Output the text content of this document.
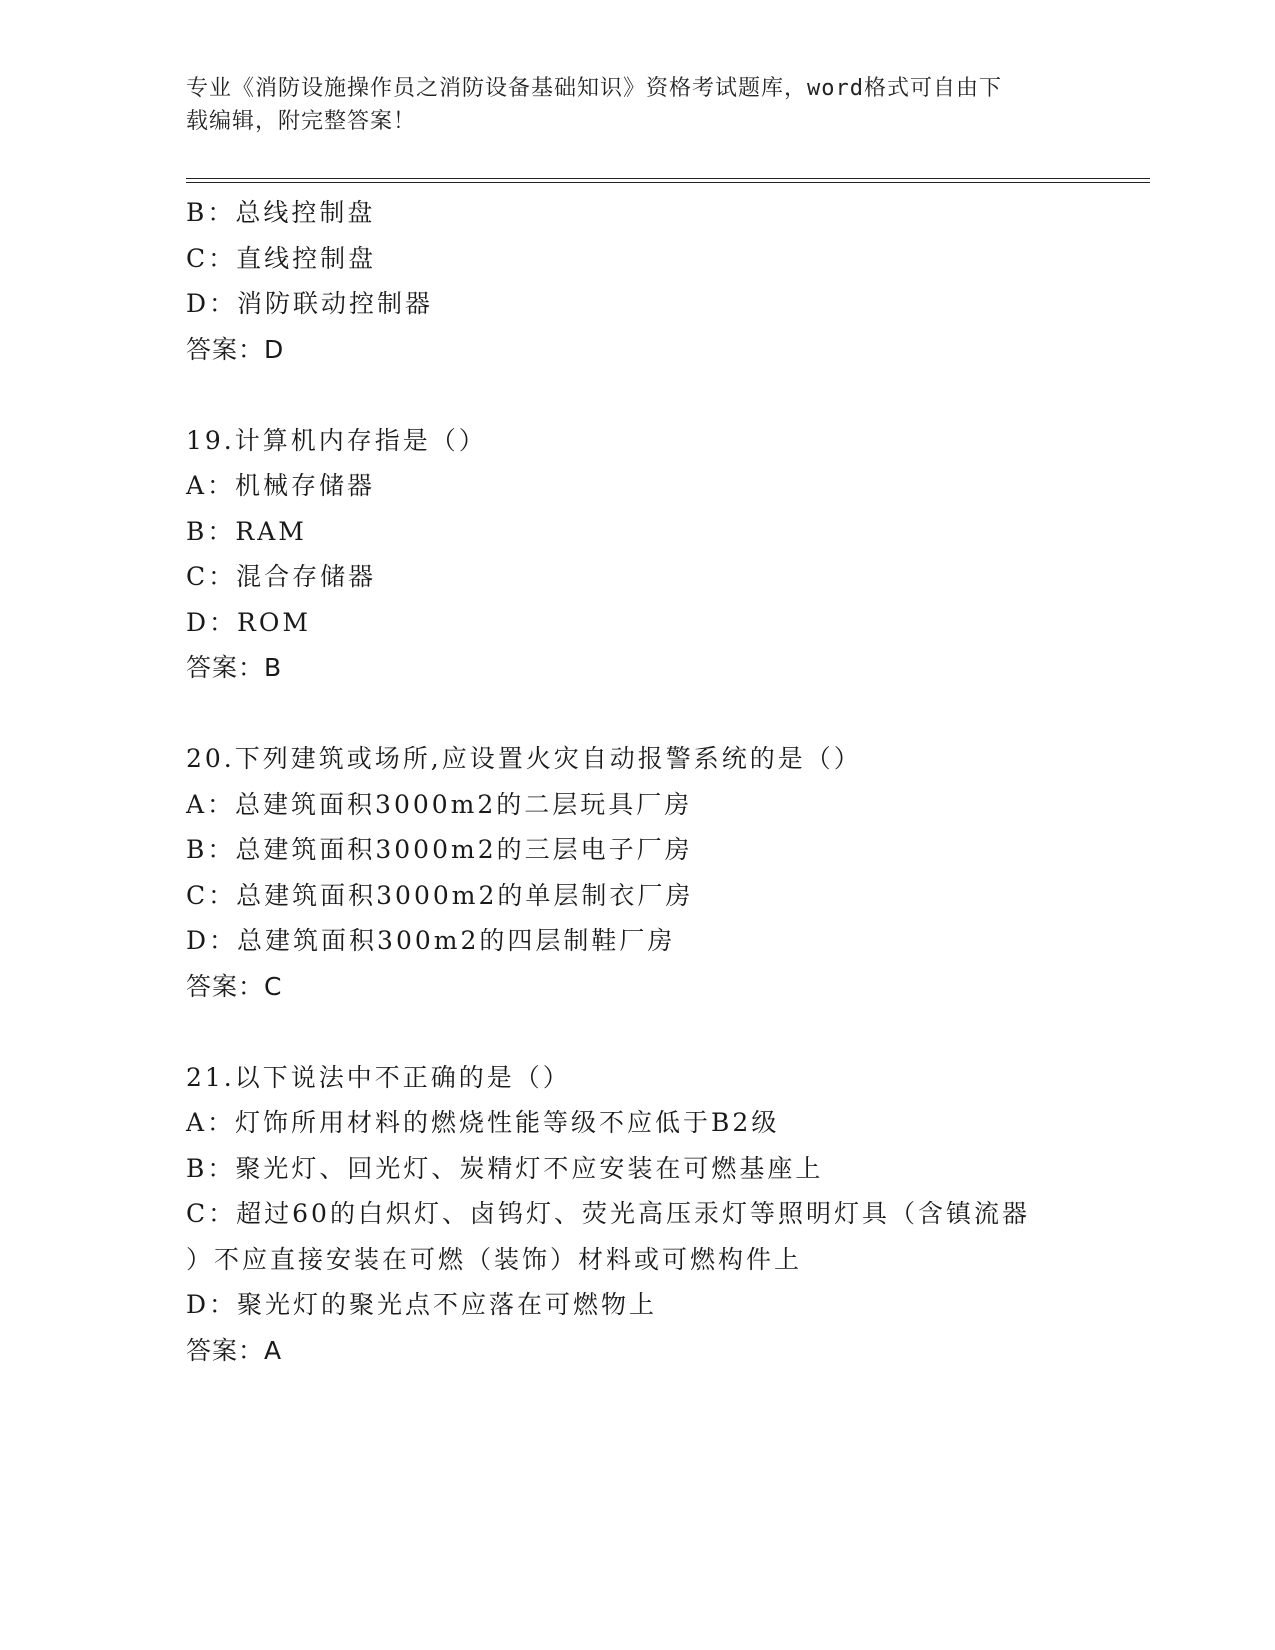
专业《消防设施操作员之消防设备基础知识》资格考试题库，word格式可自由下
载编辑，附完整答案！
B：总线控制盘
C：直线控制盘
D：消防联动控制器
答案：D
19.计算机内存指是（）
A：机械存储器
B：RAM
C：混合存储器
D：ROM
答案：B
20.下列建筑或场所,应设置火灾自动报警系统的是（）
A：总建筑面积3000m2的二层玩具厂房
B：总建筑面积3000m2的三层电子厂房
C：总建筑面积3000m2的单层制衣厂房
D：总建筑面积300m2的四层制鞋厂房
答案：C
21.以下说法中不正确的是（）
A：灯饰所用材料的燃烧性能等级不应低于B2级
B：聚光灯、回光灯、炭精灯不应安装在可燃基座上
C：超过60的白炽灯、卤钨灯、荧光高压汞灯等照明灯具（含镇流器
）不应直接安装在可燃（装饰）材料或可燃构件上
D：聚光灯的聚光点不应落在可燃物上
答案：A
